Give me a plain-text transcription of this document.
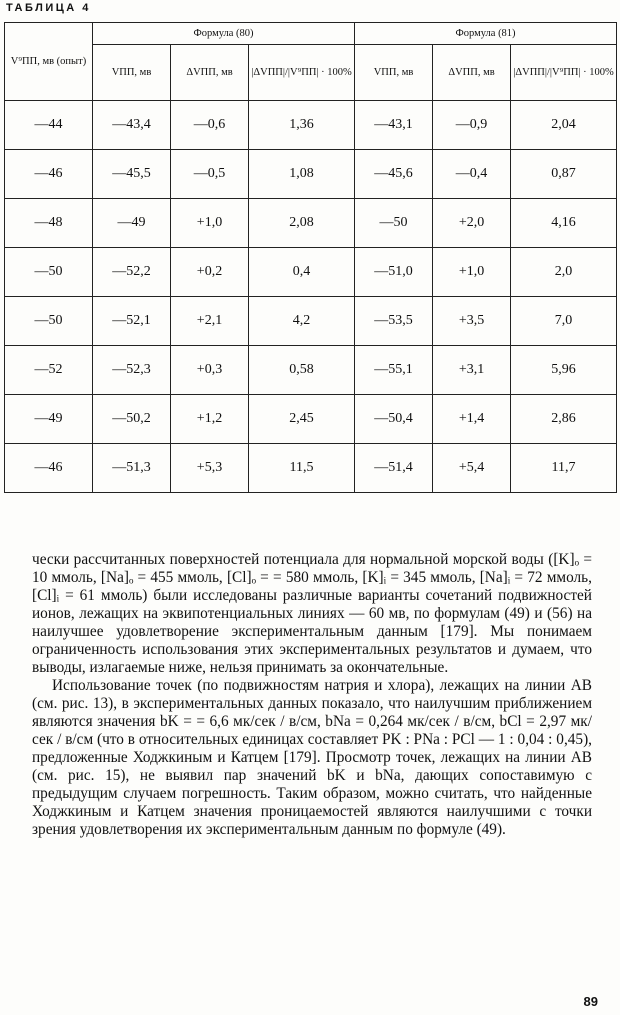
ТАБЛИЦА 4
V⁹ПП, мв (опыт)	Формула (80)			Формула (81)		
	VПП, мв	ΔVПП, мв	|ΔVПП|/|V⁹ПП| · 100%	VПП, мв	ΔVПП, мв	|ΔVПП|/|V⁹ПП| · 100%
—44	—43,4	—0,6	1,36	—43,1	—0,9	2,04
—46	—45,5	—0,5	1,08	—45,6	—0,4	0,87
—48	—49	+1,0	2,08	—50	+2,0	4,16
—50	—52,2	+0,2	0,4	—51,0	+1,0	2,0
—50	—52,1	+2,1	4,2	—53,5	+3,5	7,0
—52	—52,3	+0,3	0,58	—55,1	+3,1	5,96
—49	—50,2	+1,2	2,45	—50,4	+1,4	2,86
—46	—51,3	+5,3	11,5	—51,4	+5,4	11,7

чески рассчитанных поверхностей потенциала для нормальной морской воды ([K]ₒ = 10 ммоль, [Na]ₒ = 455 ммоль, [Cl]ₒ = = 580 ммоль, [K]ᵢ = 345 ммоль, [Na]ᵢ = 72 ммоль, [Cl]ᵢ = 61 ммоль) были исследованы различные варианты сочетаний подвижностей ионов, лежащих на эквипотенциальных линиях — 60 мв, по формулам (49) и (56) на наилучшее удовлетворение экспериментальным данным [179]. Мы понимаем ограниченность использования этих экспериментальных результатов и думаем, что выводы, излагаемые ниже, нельзя принимать за окончательные.

Использование точек (по подвижностям натрия и хлора), лежащих на линии AB (см. рис. 13), в экспериментальных данных показало, что наилучшим приближением являются значения bK = = 6,6 мк/сек / в/см, bNa = 0,264 мк/сек / в/см, bCl = 2,97 мк/сек / в/см (что в относительных единицах составляет PK : PNa : PCl — 1 : 0,04 : 0,45), предложенные Ходжкиным и Катцем [179]. Просмотр точек, лежащих на линии AB (см. рис. 15), не выявил пар значений bK и bNa, дающих сопоставимую с предыдущим случаем погрешность. Таким образом, можно считать, что найденные Ходжкиным и Катцем значения проницаемостей являются наилучшими с точки зрения удовлетворения их экспериментальным данным по формуле (49).

89
